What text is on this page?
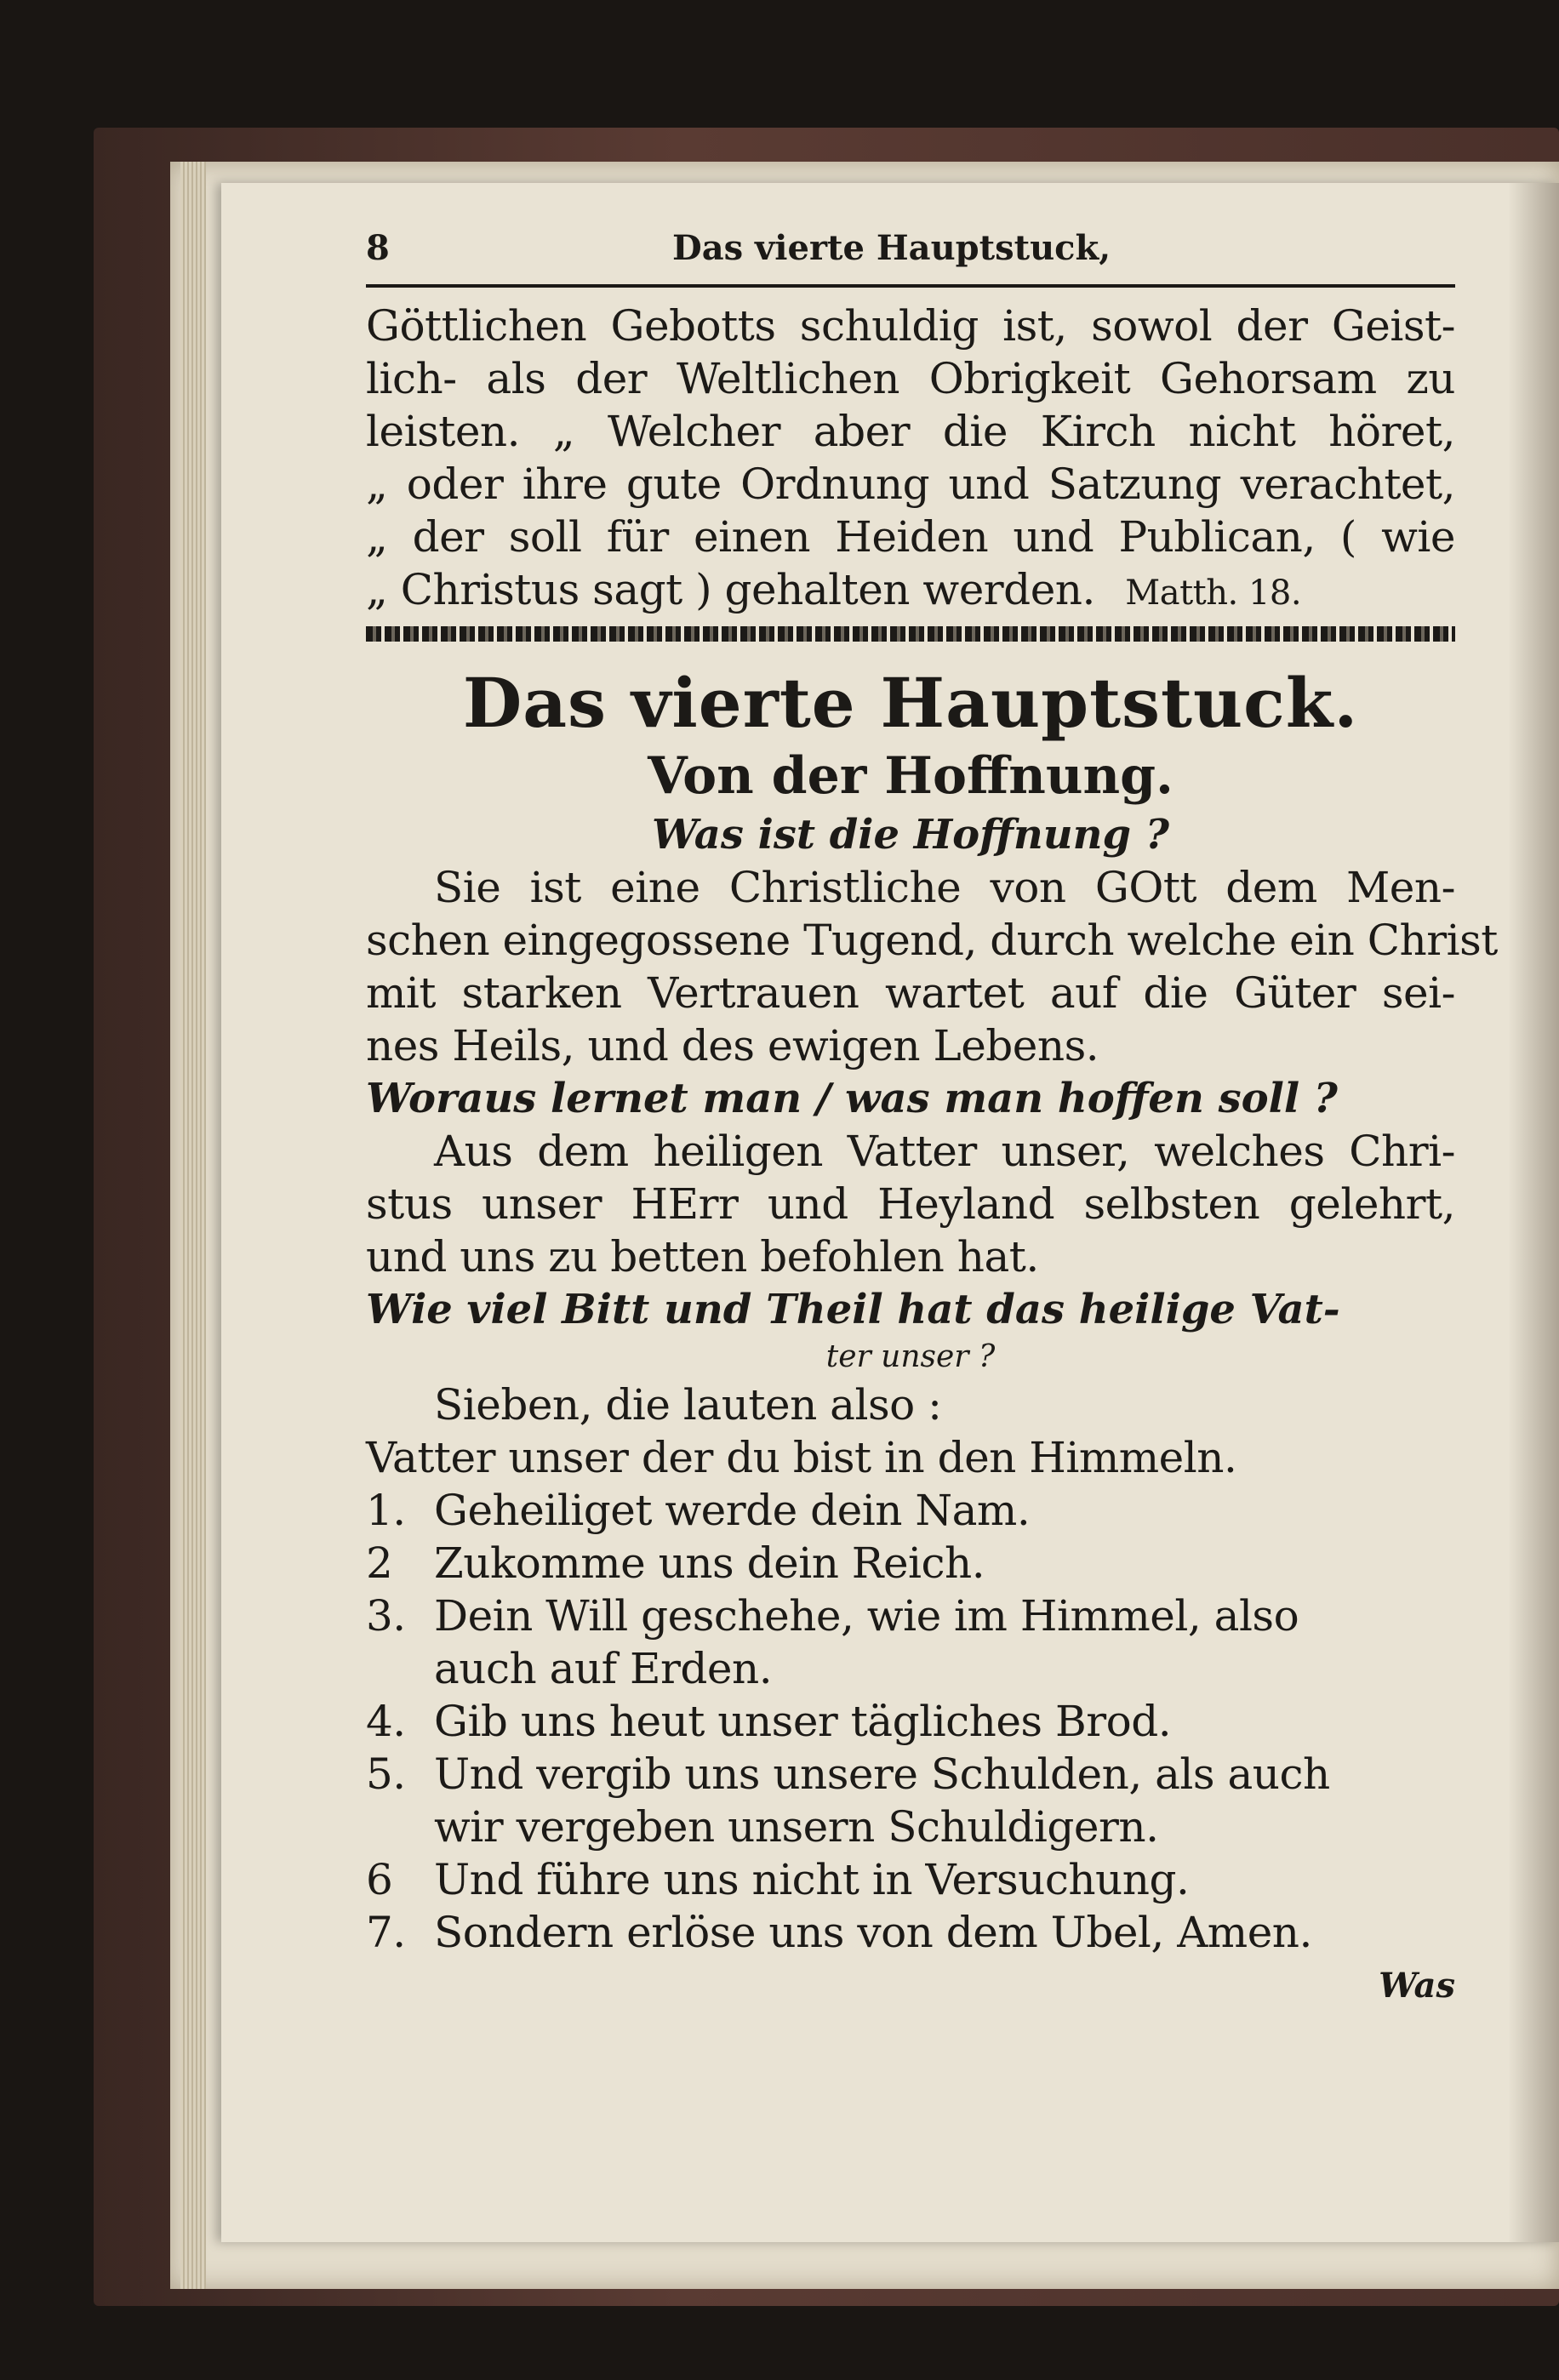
8	Das vierte Hauptstuck,
Göttlichen Gebotts schuldig ist, sowol der Geist-
lich- als der Weltlichen Obrigkeit Gehorsam zu
leisten. „ Welcher aber die Kirch nicht höret,
„ oder ihre gute Ordnung und Satzung verachtet,
„ der soll für einen Heiden und Publican, ( wie
„ Christus sagt ) gehalten werden. Matth. 18.
Das vierte Hauptstuck.
Von der Hoffnung.
Was ist die Hoffnung ?
Sie ist eine Christliche von GOtt dem Men-
schen eingegossene Tugend, durch welche ein Christ
mit starken Vertrauen wartet auf die Güter sei-
nes Heils, und des ewigen Lebens.
Woraus lernet man / was man hoffen soll ?
Aus dem heiligen Vatter unser, welches Chri-
stus unser HErr und Heyland selbsten gelehrt,
und uns zu betten befohlen hat.
Wie viel Bitt und Theil hat das heilige Vat-
ter unser ?
Sieben, die lauten also :
Vatter unser der du bist in den Himmeln.
1. Geheiliget werde dein Nam.
2 Zukomme uns dein Reich.
3. Dein Will geschehe, wie im Himmel, also
auch auf Erden.
4. Gib uns heut unser tägliches Brod.
5. Und vergib uns unsere Schulden, als auch
wir vergeben unsern Schuldigern.
6 Und führe uns nicht in Versuchung.
7. Sondern erlöse uns von dem Ubel, Amen.
Was
